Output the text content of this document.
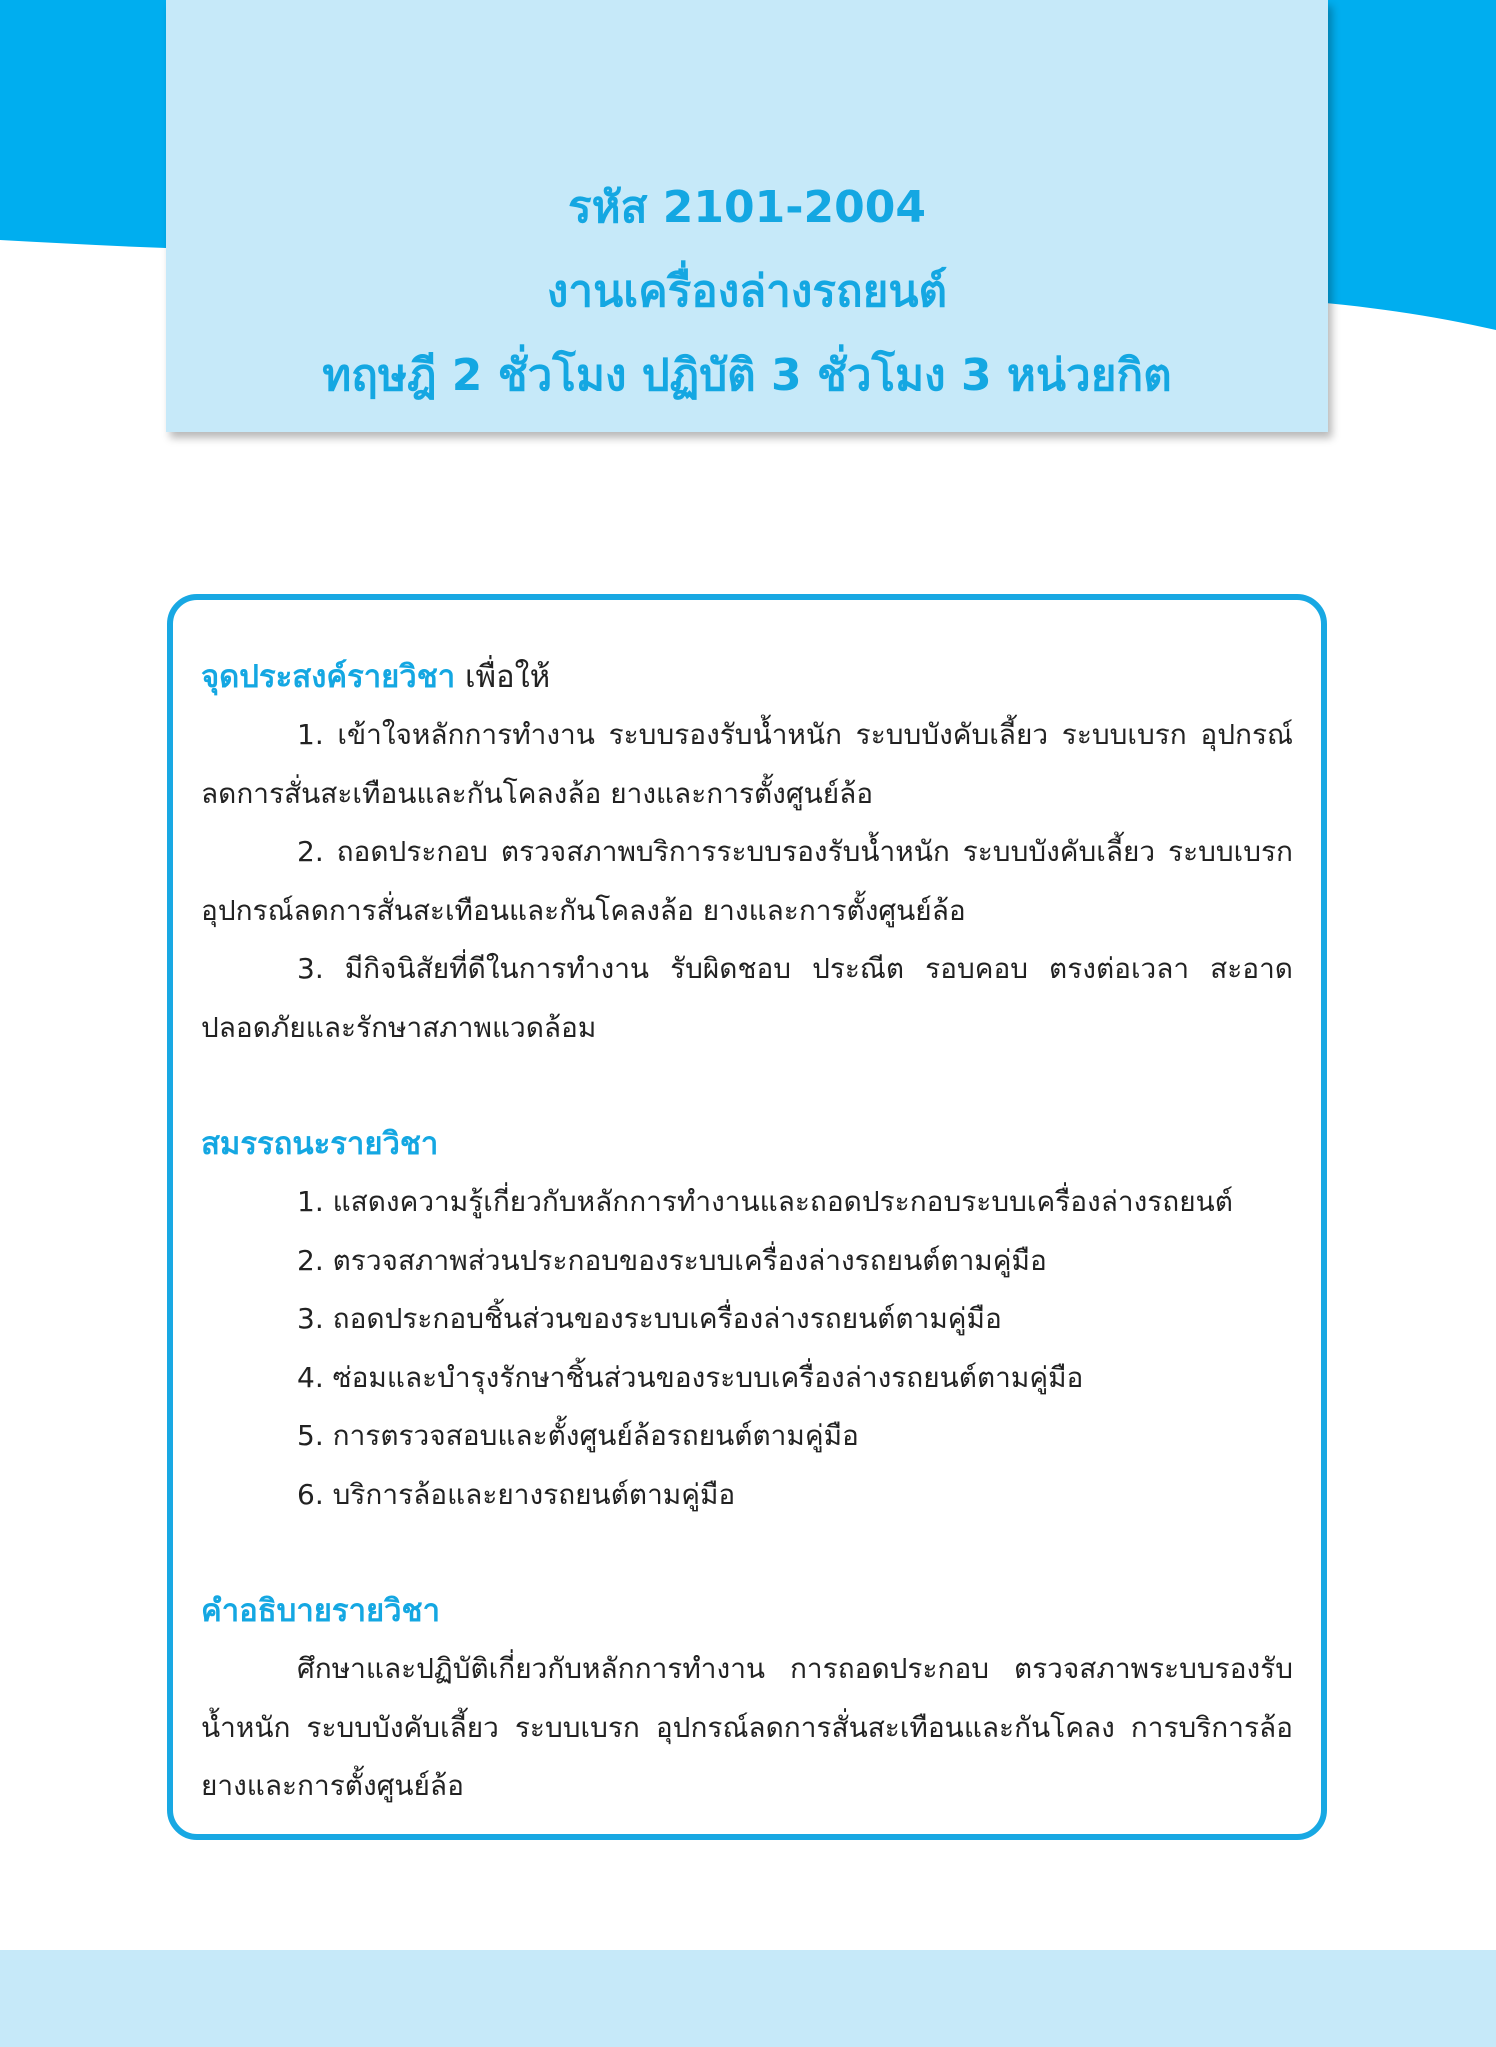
รหัส 2101-2004
งานเครื่องล่างรถยนต์
ทฤษฎี 2 ชั่วโมง ปฏิบัติ 3 ชั่วโมง 3 หน่วยกิต
จุดประสงค์รายวิชา เพื่อให้
1. เข้าใจหลักการทำงาน ระบบรองรับน้ำหนัก ระบบบังคับเลี้ยว ระบบเบรก อุปกรณ์ลดการสั่นสะเทือนและกันโคลงล้อ ยางและการตั้งศูนย์ล้อ
2. ถอดประกอบ ตรวจสภาพบริการระบบรองรับน้ำหนัก ระบบบังคับเลี้ยว ระบบเบรก อุปกรณ์ลดการสั่นสะเทือนและกันโคลงล้อ ยางและการตั้งศูนย์ล้อ
3. มีกิจนิสัยที่ดีในการทำงาน รับผิดชอบ ประณีต รอบคอบ ตรงต่อเวลา สะอาด ปลอดภัยและรักษาสภาพแวดล้อม
สมรรถนะรายวิชา
1. แสดงความรู้เกี่ยวกับหลักการทำงานและถอดประกอบระบบเครื่องล่างรถยนต์
2. ตรวจสภาพส่วนประกอบของระบบเครื่องล่างรถยนต์ตามคู่มือ
3. ถอดประกอบชิ้นส่วนของระบบเครื่องล่างรถยนต์ตามคู่มือ
4. ซ่อมและบำรุงรักษาชิ้นส่วนของระบบเครื่องล่างรถยนต์ตามคู่มือ
5. การตรวจสอบและตั้งศูนย์ล้อรถยนต์ตามคู่มือ
6. บริการล้อและยางรถยนต์ตามคู่มือ
คำอธิบายรายวิชา
ศึกษาและปฏิบัติเกี่ยวกับหลักการทำงาน การถอดประกอบ ตรวจสภาพระบบรองรับน้ำหนัก ระบบบังคับเลี้ยว ระบบเบรก อุปกรณ์ลดการสั่นสะเทือนและกันโคลง การบริการล้อ ยางและการตั้งศูนย์ล้อ
